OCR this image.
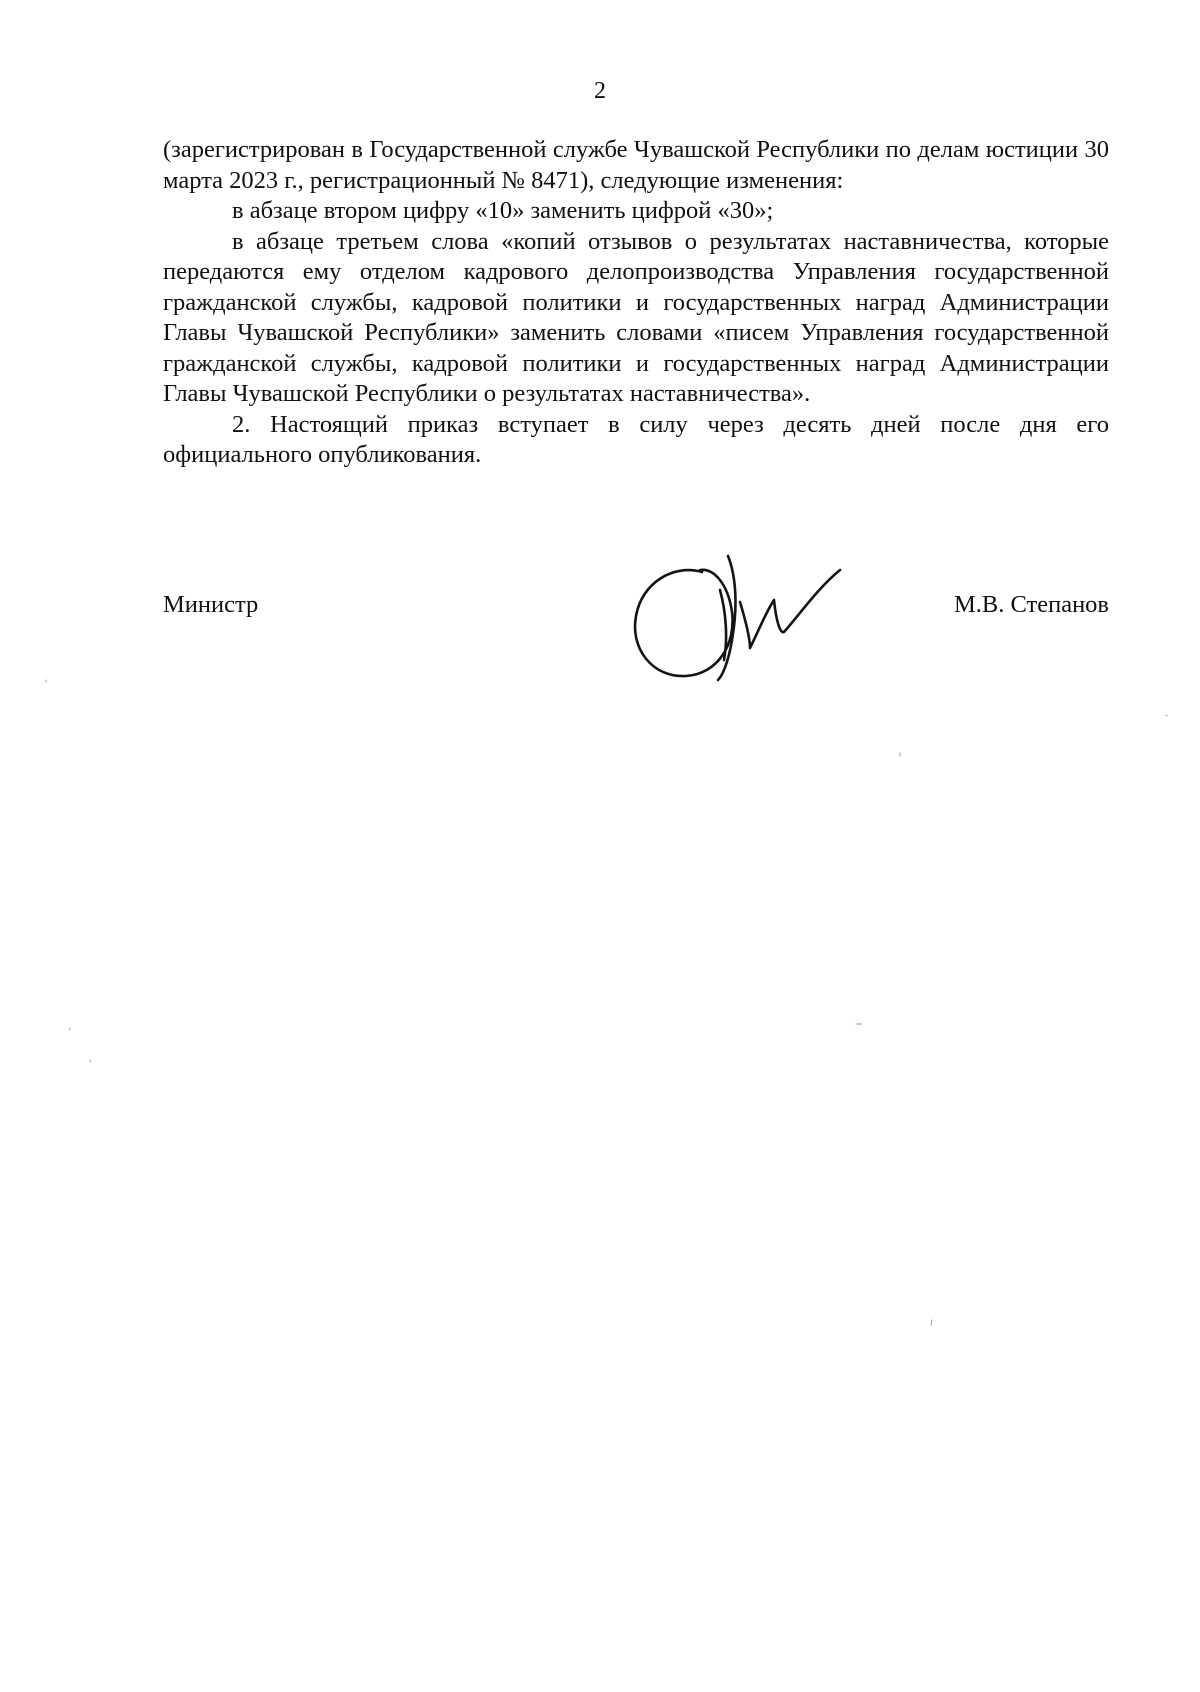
2

(зарегистрирован в Государственной службе Чувашской Республики по делам юстиции 30 марта 2023 г., регистрационный № 8471), следующие изменения:

в абзаце втором цифру «10» заменить цифрой «30»;

в абзаце третьем слова «копий отзывов о результатах наставничества, которые передаются ему отделом кадрового делопроизводства Управления государственной гражданской службы, кадровой политики и государственных наград Администрации Главы Чувашской Республики» заменить словами «писем Управления государственной гражданской службы, кадровой политики и государственных наград Администрации Главы Чувашской Республики о результатах наставничества».

2. Настоящий приказ вступает в силу через десять дней после дня его официального опубликования.

Министр	М.В. Степанов
